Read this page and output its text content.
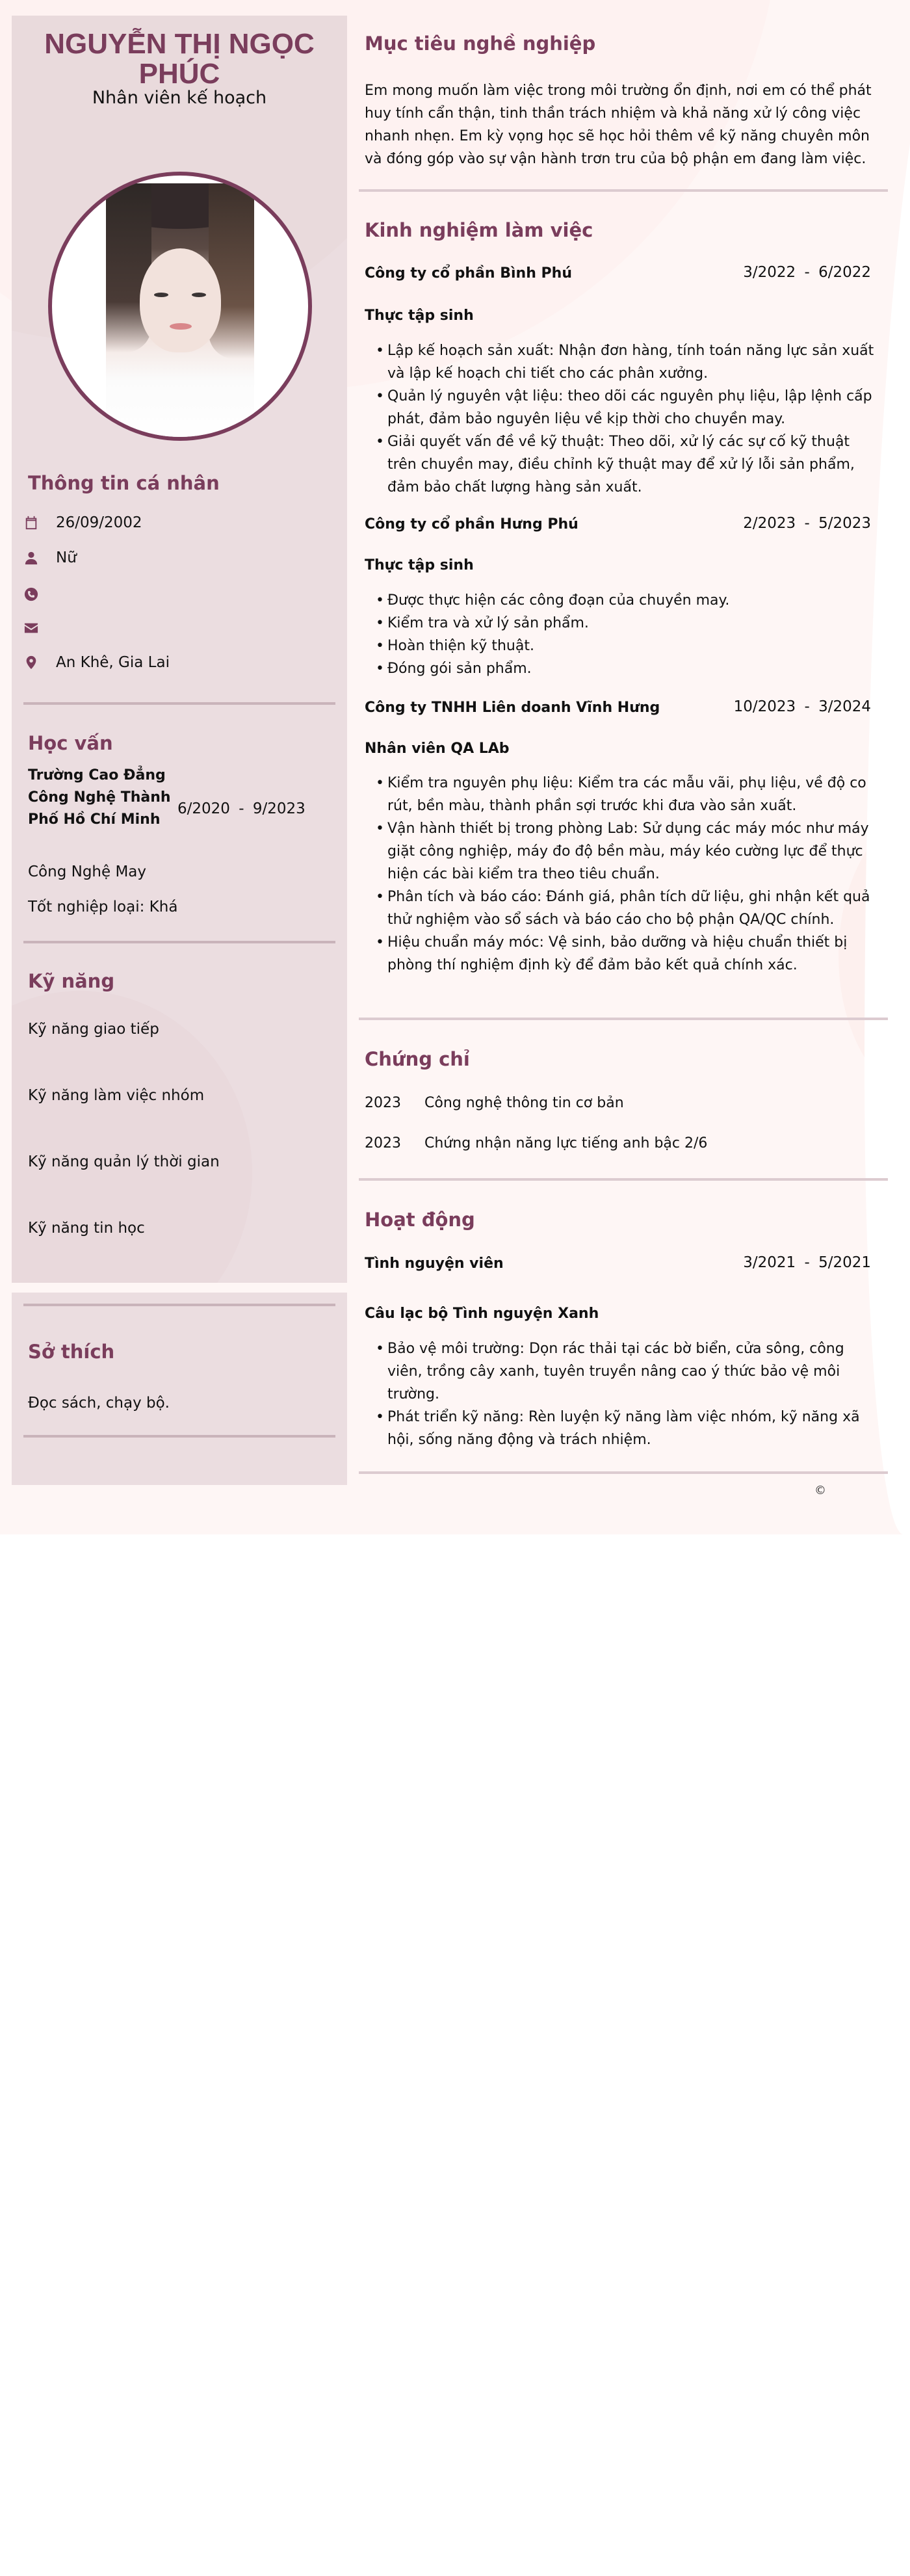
NGUYỄN THỊ NGỌC PHÚC
Nhân viên kế hoạch
Thông tin cá nhân
26/09/2002
Nữ
An Khê, Gia Lai
Học vấn
Trường Cao Đẳng Công Nghệ Thành Phố Hồ Chí Minh
6/2020 - 9/2023
Công Nghệ May
Tốt nghiệp loại: Khá
Kỹ năng
Kỹ năng giao tiếp
Kỹ năng làm việc nhóm
Kỹ năng quản lý thời gian
Kỹ năng tin học
Sở thích
Đọc sách, chạy bộ.
Mục tiêu nghề nghiệp
Em mong muốn làm việc trong môi trường ổn định, nơi em có thể phát huy tính cẩn thận, tinh thần trách nhiệm và khả năng xử lý công việc nhanh nhẹn. Em kỳ vọng học sẽ học hỏi thêm về kỹ năng chuyên môn và đóng góp vào sự vận hành trơn tru của bộ phận em đang làm việc.
Kinh nghiệm làm việc
Công ty cổ phần Bình Phú	3/2022 - 6/2022
Thực tập sinh
• Lập kế hoạch sản xuất: Nhận đơn hàng, tính toán năng lực sản xuất và lập kế hoạch chi tiết cho các phân xưởng.
• Quản lý nguyên vật liệu: theo dõi các nguyên phụ liệu, lập lệnh cấp phát, đảm bảo nguyên liệu về kịp thời cho chuyền may.
• Giải quyết vấn đề về kỹ thuật: Theo dõi, xử lý các sự cố kỹ thuật trên chuyền may, điều chỉnh kỹ thuật may để xử lý lỗi sản phẩm, đảm bảo chất lượng hàng sản xuất.
Công ty cổ phần Hưng Phú	2/2023 - 5/2023
Thực tập sinh
• Được thực hiện các công đoạn của chuyền may.
• Kiểm tra và xử lý sản phẩm.
• Hoàn thiện kỹ thuật.
• Đóng gói sản phẩm.
Công ty TNHH Liên doanh Vĩnh Hưng	10/2023 - 3/2024
Nhân viên QA LAb
• Kiểm tra nguyên phụ liệu: Kiểm tra các mẫu vãi, phụ liệu, về độ co rút, bền màu, thành phần sợi trước khi đưa vào sản xuất.
• Vận hành thiết bị trong phòng Lab: Sử dụng các máy móc như máy giặt công nghiệp, máy đo độ bền màu, máy kéo cường lực để thực hiện các bài kiểm tra theo tiêu chuẩn.
• Phân tích và báo cáo: Đánh giá, phân tích dữ liệu, ghi nhận kết quả thử nghiệm vào sổ sách và báo cáo cho bộ phận QA/QC chính.
• Hiệu chuẩn máy móc: Vệ sinh, bảo dưỡng và hiệu chuẩn thiết bị phòng thí nghiệm định kỳ để đảm bảo kết quả chính xác.
Chứng chỉ
2023	Công nghệ thông tin cơ bản
2023	Chứng nhận năng lực tiếng anh bậc 2/6
Hoạt động
Tình nguyện viên	3/2021 - 5/2021
Câu lạc bộ Tình nguyện Xanh
• Bảo vệ môi trường: Dọn rác thải tại các bờ biển, cửa sông, công viên, trồng cây xanh, tuyên truyền nâng cao ý thức bảo vệ môi trường.
• Phát triển kỹ năng: Rèn luyện kỹ năng làm việc nhóm, kỹ năng xã hội, sống năng động và trách nhiệm.
©
